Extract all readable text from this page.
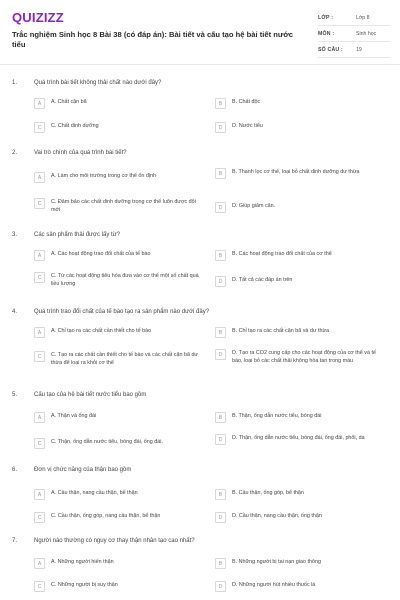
QUIZIZZ
Trắc nghiệm Sinh học 8 Bài 38 (có đáp án): Bài tiết và cấu tạo hệ bài tiết nước tiểu
LỚP :	Lớp 8
MÔN :	Sinh học
SỐ CÂU :	19
1.	Quá trình bài tiết không thải chất nào dưới đây?
A	A. Chất cặn bã	B	B. Chất độc
C	C. Chất dinh dưỡng	D	D. Nước tiểu
2.	Vai trò chính của quá trình bài tiết?
A	A. Làm cho môi trường trong cơ thể ổn định	B	B. Thanh lọc cơ thể, loại bỏ chất dinh dưỡng dư thừa
C	C. Đảm bảo các chất dinh dưỡng trong cơ thể luôn được đổi mới	D	D. Giúp giảm cân.
3.	Các sản phẩm thải được lấy từ?
A	A. Các hoạt động trao đổi chất của tế bào	B	B. Các hoạt động trao đổi chất của cơ thể
C	C. Từ các hoạt động tiêu hóa đưa vào cơ thể một số chất quá liều lượng	D	D. Tất cả các đáp án trên
4.	Quá trình trao đổi chất của tế bào tạo ra sản phẩm nào dưới đây?
A	A. Chỉ tạo ra các chất cần thiết cho tế bào	B	B. Chỉ tạo ra các chất cặn bã và dư thừa
C	C. Tạo ra các chất cần thiết cho tế bào và các chất cặn bã dư thừa để loại ra khỏi cơ thể
D	D. Tạo ra CO2 cung cấp cho các hoạt động của cơ thể và tế bào, loại bỏ các chất thải không hòa tan trong máu
5.	Cấu tạo của hệ bài tiết nước tiểu bao gồm
A	A. Thận và ống đái	B	B. Thận, ống dẫn nước tiểu, bóng đái
C	C. Thận, ống dẫn nước tiểu, bóng đái, ống đái.	D	D. Thận, ống dẫn nước tiểu, bóng đái, ống đái, phổi, da
6.	Đơn vị chức năng của thận bao gồm
A	A. Cầu thận, nang cầu thận, bể thận	B	B. Cầu thận, ống góp, bể thận
C	C. Cầu thận, ống góp, nang cầu thận, bể thận	D	D. Cầu thận, nang cầu thận, ống thận
7.	Người nào thường có nguy cơ thay thận nhân tạo cao nhất?
A	A. Những người hiến thận	B	B. Những người bị tai nạn giao thông
C	C. Những người bị suy thận	D	D. Những người hút nhiều thuốc lá
